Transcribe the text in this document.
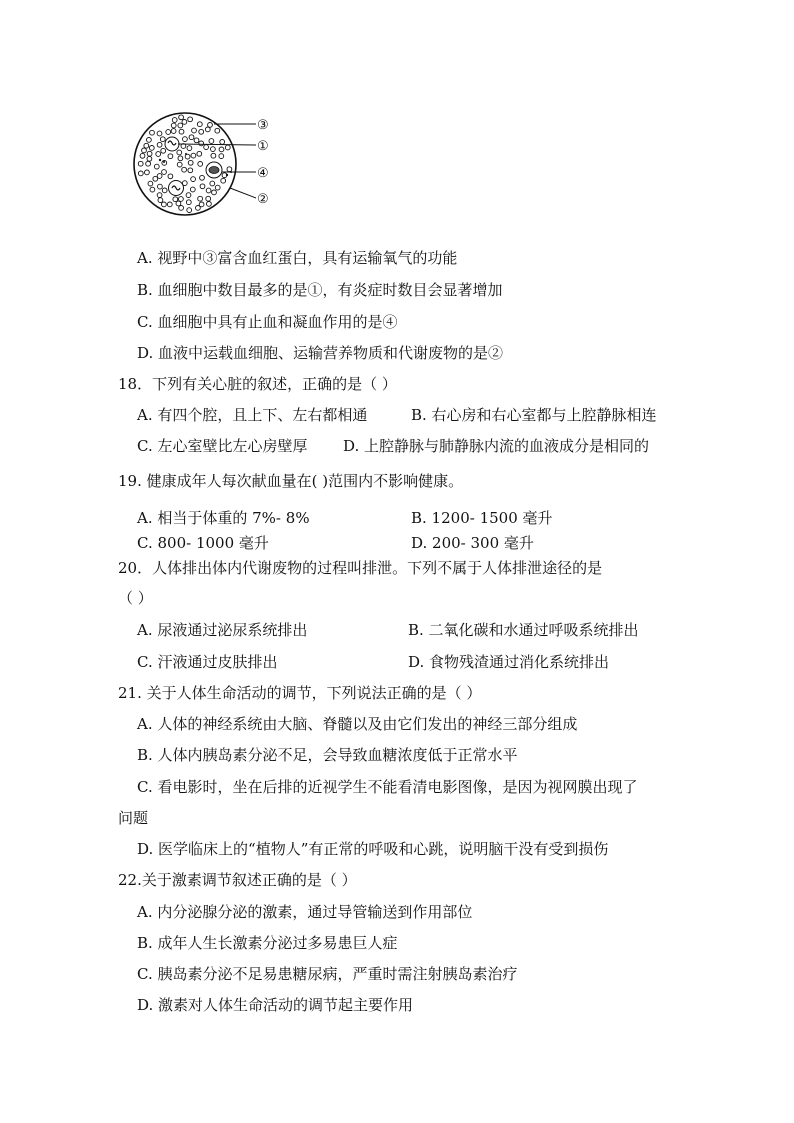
③
①
④
②
A. 视野中③富含血红蛋白，具有运输氧气的功能
B. 血细胞中数目最多的是①，有炎症时数目会显著增加
C. 血细胞中具有止血和凝血作用的是④
D. 血液中运载血细胞、运输营养物质和代谢废物的是②
18．下列有关心脏的叙述，正确的是（ ）
A. 有四个腔，且上下、左右都相通	B. 右心房和右心室都与上腔静脉相连
C. 左心室壁比左心房壁厚 D. 上腔静脉与肺静脉内流的血液成分是相同的
19. 健康成年人每次献血量在( )范围内不影响健康。
A. 相当于体重的 7%- 8%	B. 1200- 1500 毫升
C. 800- 1000 毫升	D. 200- 300 毫升
20．人体排出体内代谢废物的过程叫排泄。下列不属于人体排泄途径的是
（ ）
A. 尿液通过泌尿系统排出	B. 二氧化碳和水通过呼吸系统排出
C. 汗液通过皮肤排出	D. 食物残渣通过消化系统排出
21. 关于人体生命活动的调节，下列说法正确的是（ ）
A. 人体的神经系统由大脑、脊髓以及由它们发出的神经三部分组成
B. 人体内胰岛素分泌不足，会导致血糖浓度低于正常水平
C. 看电影时，坐在后排的近视学生不能看清电影图像，是因为视网膜出现了
问题
D. 医学临床上的“植物人”有正常的呼吸和心跳，说明脑干没有受到损伤
22.关于激素调节叙述正确的是（ ）
A. 内分泌腺分泌的激素，通过导管输送到作用部位
B. 成年人生长激素分泌过多易患巨人症
C. 胰岛素分泌不足易患糖尿病，严重时需注射胰岛素治疗
D. 激素对人体生命活动的调节起主要作用
